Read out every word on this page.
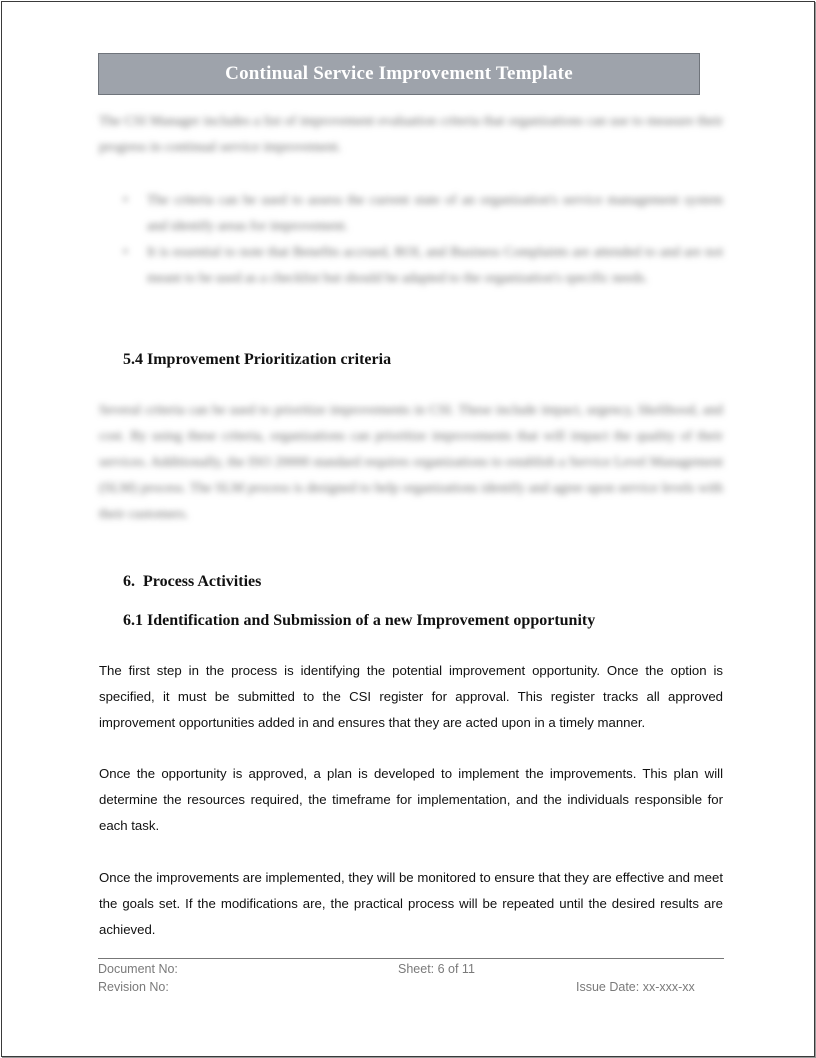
Continual Service Improvement Template
The CSI Manager includes a list of improvement evaluation criteria that organizations can use to measure their progress in continual service improvement.
• The criteria can be used to assess the current state of an organization's service management system and identify areas for improvement.
• It is essential to note that Benefits accrued, ROI, and Business Complaints are attended to and are not meant to be used as a checklist but should be adapted to the organization's specific needs.
5.4 Improvement Prioritization criteria
Several criteria can be used to prioritize improvements in CSI. These include impact, urgency, likelihood, and cost. By using these criteria, organizations can prioritize improvements that will impact the quality of their services. Additionally, the ISO 20000 standard requires organizations to establish a Service Level Management (SLM) process. The SLM process is designed to help organizations identify and agree upon service levels with their customers.
6. Process Activities
6.1 Identification and Submission of a new Improvement opportunity
The first step in the process is identifying the potential improvement opportunity. Once the option is specified, it must be submitted to the CSI register for approval. This register tracks all approved improvement opportunities added in and ensures that they are acted upon in a timely manner.
Once the opportunity is approved, a plan is developed to implement the improvements. This plan will determine the resources required, the timeframe for implementation, and the individuals responsible for each task.
Once the improvements are implemented, they will be monitored to ensure that they are effective and meet the goals set. If the modifications are, the practical process will be repeated until the desired results are achieved.
Document No:	Sheet: 6 of 11
Revision No:	Issue Date: xx-xxx-xx
